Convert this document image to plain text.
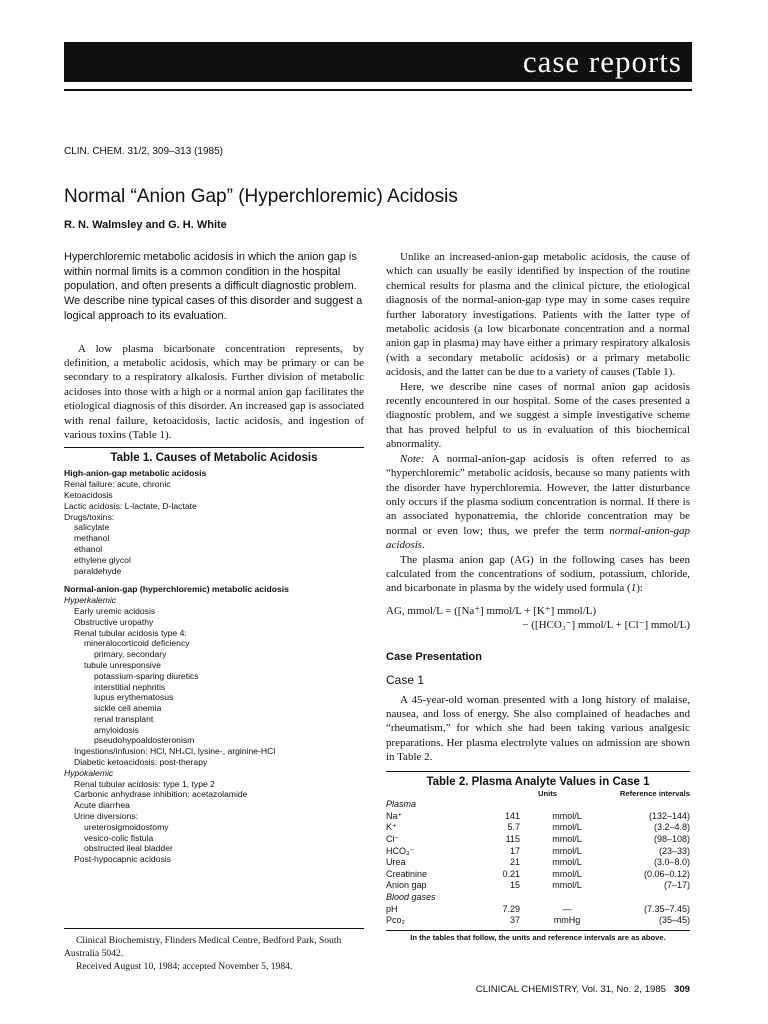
case reports
CLIN. CHEM. 31/2, 309–313 (1985)
Normal “Anion Gap” (Hyperchloremic) Acidosis
R. N. Walmsley and G. H. White

Hyperchloremic metabolic acidosis in which the anion gap is within normal limits is a common condition in the hospital population, and often presents a difficult diagnostic problem. We describe nine typical cases of this disorder and suggest a logical approach to its evaluation.

A low plasma bicarbonate concentration represents, by definition, a metabolic acidosis, which may be primary or can be secondary to a respiratory alkalosis. Further division of metabolic acidoses into those with a high or a normal anion gap facilitates the etiological diagnosis of this disorder. An increased gap is associated with renal failure, ketoacidosis, lactic acidosis, and ingestion of various toxins (Table 1).

Table 1. Causes of Metabolic Acidosis
High-anion-gap metabolic acidosis
Renal failure: acute, chronic
Ketoacidosis
Lactic acidosis: L-lactate, D-lactate
Drugs/toxins:
salicylate
methanol
ethanol
ethylene glycol
paraldehyde
Normal-anion-gap (hyperchloremic) metabolic acidosis
Hyperkalemic
Early uremic acidosis
Obstructive uropathy
Renal tubular acidosis type 4:
mineralocorticoid deficiency
primary, secondary
tubule unresponsive
potassium-sparing diuretics
interstitial nephritis
lupus erythematosus
sickle cell anemia
renal transplant
amyloidosis
pseudohypoaldosteronism
Ingestions/infusion: HCl, NH₄Cl, lysine-, arginine-HCl
Diabetic ketoacidosis: post-therapy
Hypokalemic
Renal tubular acidosis: type 1, type 2
Carbonic anhydrase inhibition: acetazolamide
Acute diarrhea
Urine diversions:
ureterosigmoidostomy
vesico-colic fistula
obstructed ileal bladder
Post-hypocapnic acidosis
Clinical Biochemistry, Flinders Medical Centre, Bedford Park, South Australia 5042.
Received August 10, 1984; accepted November 5, 1984.

Unlike an increased-anion-gap metabolic acidosis, the cause of which can usually be easily identified by inspection of the routine chemical results for plasma and the clinical picture, the etiological diagnosis of the normal-anion-gap type may in some cases require further laboratory investigations. Patients with the latter type of metabolic acidosis (a low bicarbonate concentration and a normal anion gap in plasma) may have either a primary respiratory alkalosis (with a secondary metabolic acidosis) or a primary metabolic acidosis, and the latter can be due to a variety of causes (Table 1).

Here, we describe nine cases of normal anion gap acidosis recently encountered in our hospital. Some of the cases presented a diagnostic problem, and we suggest a simple investigative scheme that has proved helpful to us in evaluation of this biochemical abnormality.

Note: A normal-anion-gap acidosis is often referred to as “hyperchloremic” metabolic acidosis, because so many patients with the disorder have hyperchloremia. However, the latter disturbance only occurs if the plasma sodium concentration is normal. If there is an associated hyponatremia, the chloride concentration may be normal or even low; thus, we prefer the term normal-anion-gap acidosis.

The plasma anion gap (AG) in the following cases has been calculated from the concentrations of sodium, potassium, chloride, and bicarbonate in plasma by the widely used formula (1):

AG, mmol/L = ([Na⁺] mmol/L + [K⁺] mmol/L)
− ([HCO₃⁻] mmol/L + [Cl⁻] mmol/L)
Case Presentation
Case 1

A 45-year-old woman presented with a long history of malaise, nausea, and loss of energy. She also complained of headaches and “rheumatism,” for which she had been taking various analgesic preparations. Her plasma electrolyte values on admission are shown in Table 2.

Table 2. Plasma Analyte Values in Case 1
		Units	Reference intervals
Plasma			
Na⁺	141	mmol/L	(132–144)
K⁺	5.7	mmol/L	(3.2–4.8)
Cl⁻	115	mmol/L	(98–108)
HCO₃⁻	17	mmol/L	(23–33)
Urea	21	mmol/L	(3.0–8.0)
Creatinine	0.21	mmol/L	(0.06–0.12)
Anion gap	15	mmol/L	(7–17)
Blood gases			
pH	7.29	—	(7.35–7.45)
Pco₂	37	mmHg	(35–45)
In the tables that follow, the units and reference intervals are as above.
CLINICAL CHEMISTRY, Vol. 31, No. 2, 1985 309
